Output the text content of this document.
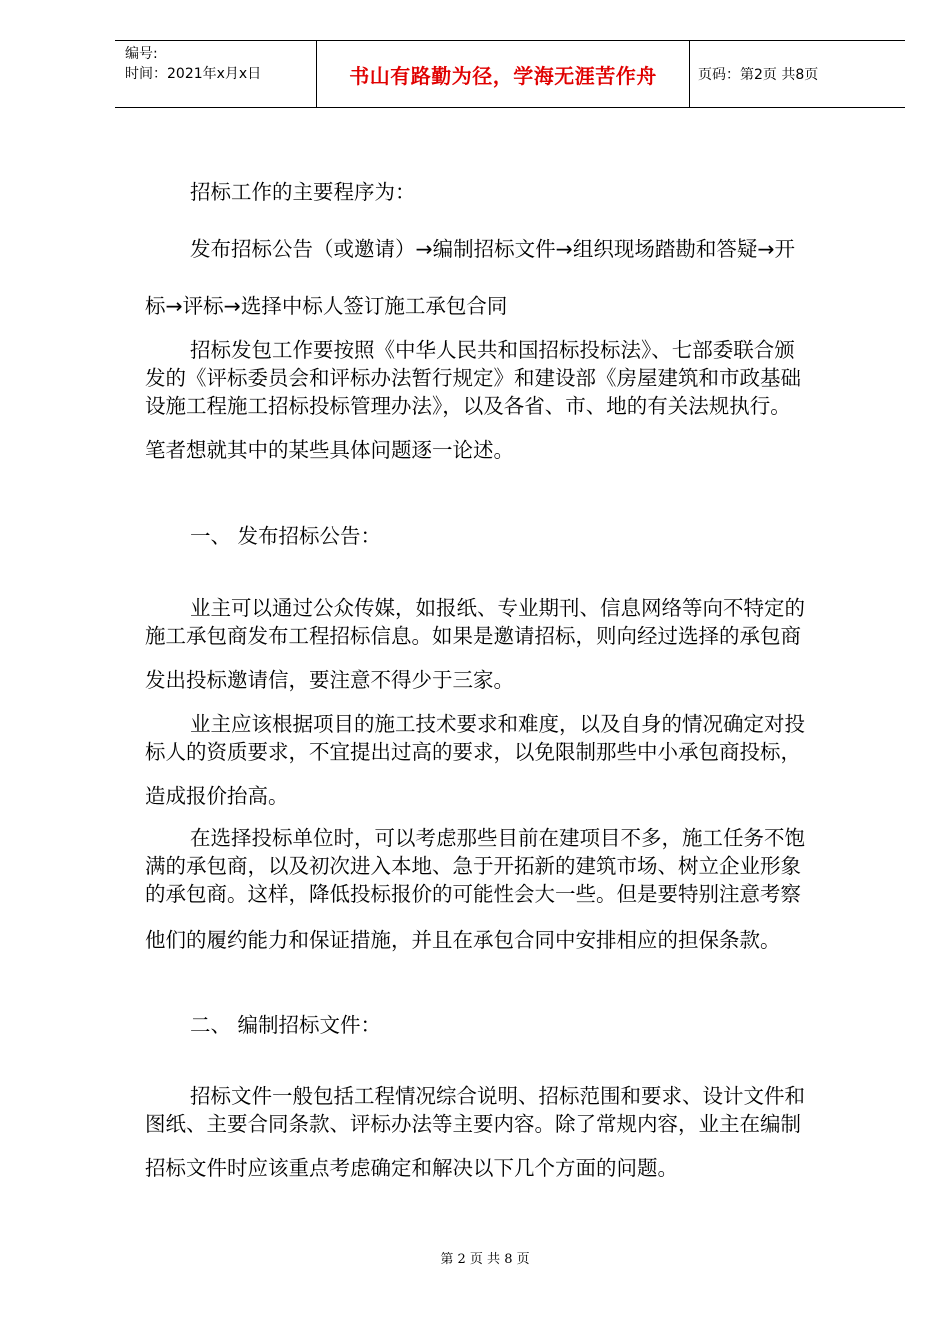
编号:
时间：2021年x月x日	书山有路勤为径，学海无涯苦作舟	页码：第2页 共8页
招标工作的主要程序为：
发布招标公告（或邀请）→编制招标文件→组织现场踏勘和答疑→开
标→评标→选择中标人签订施工承包合同
招标发包工作要按照《中华人民共和国招标投标法》、七部委联合颁
发的《评标委员会和评标办法暂行规定》和建设部《房屋建筑和市政基础
设施工程施工招标投标管理办法》，以及各省、市、地的有关法规执行。
笔者想就其中的某些具体问题逐一论述。
一、 发布招标公告：
业主可以通过公众传媒，如报纸、专业期刊、信息网络等向不特定的
施工承包商发布工程招标信息。如果是邀请招标，则向经过选择的承包商
发出投标邀请信，要注意不得少于三家。
业主应该根据项目的施工技术要求和难度，以及自身的情况确定对投
标人的资质要求，不宜提出过高的要求，以免限制那些中小承包商投标，
造成报价抬高。
在选择投标单位时，可以考虑那些目前在建项目不多，施工任务不饱
满的承包商，以及初次进入本地、急于开拓新的建筑市场、树立企业形象
的承包商。这样，降低投标报价的可能性会大一些。但是要特别注意考察
他们的履约能力和保证措施，并且在承包合同中安排相应的担保条款。
二、 编制招标文件：
招标文件一般包括工程情况综合说明、招标范围和要求、设计文件和
图纸、主要合同条款、评标办法等主要内容。除了常规内容，业主在编制
招标文件时应该重点考虑确定和解决以下几个方面的问题。
第 2 页 共 8 页
